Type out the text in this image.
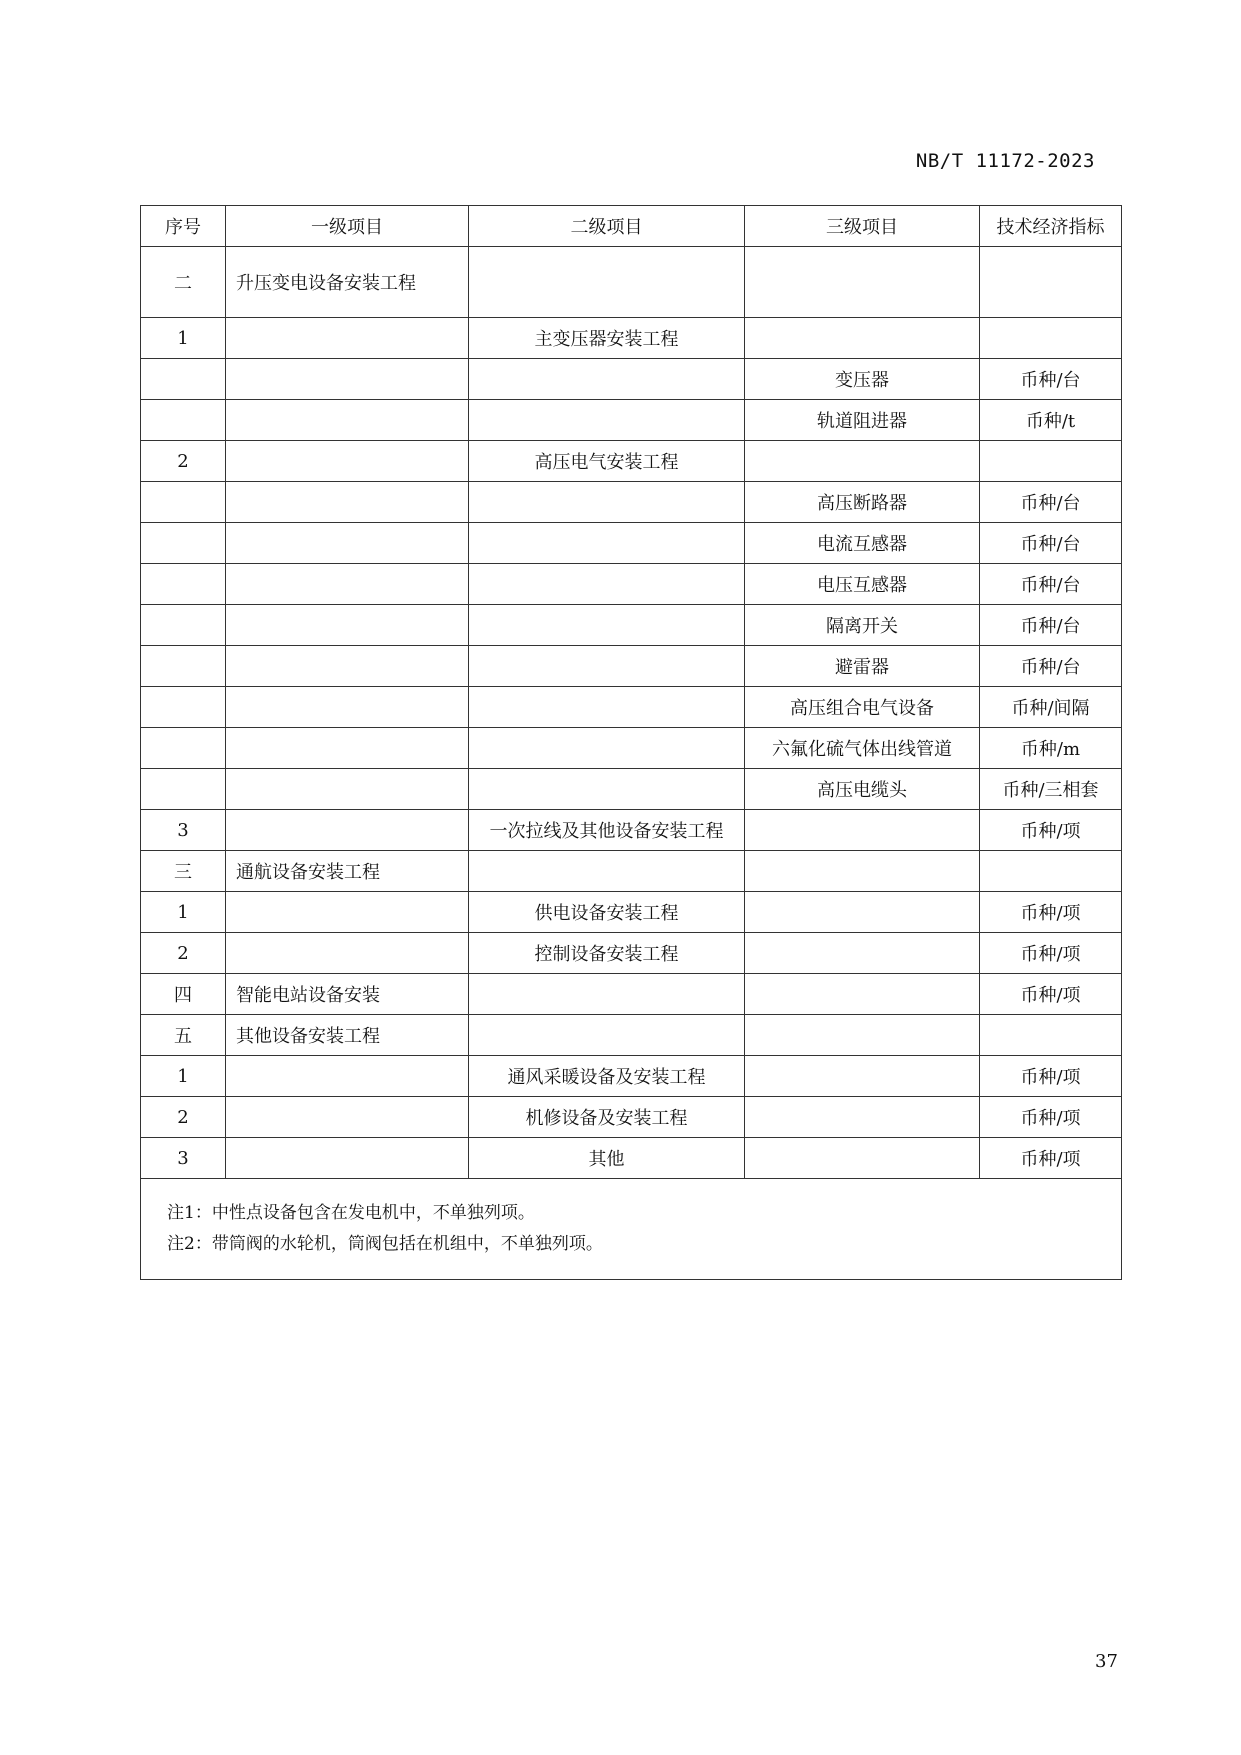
NB/T 11172-2023
序号	一级项目	二级项目	三级项目	技术经济指标
二	升压变电设备安装工程			
1		主变压器安装工程		
			变压器	币种/台
			轨道阻进器	币种/t
2		高压电气安装工程		
			高压断路器	币种/台
			电流互感器	币种/台
			电压互感器	币种/台
			隔离开关	币种/台
			避雷器	币种/台
			高压组合电气设备	币种/间隔
			六氟化硫气体出线管道	币种/m
			高压电缆头	币种/三相套
3		一次拉线及其他设备安装工程		币种/项
三	通航设备安装工程			
1		供电设备安装工程		币种/项
2		控制设备安装工程		币种/项
四	智能电站设备安装			币种/项
五	其他设备安装工程			
1		通风采暖设备及安装工程		币种/项
2		机修设备及安装工程		币种/项
3		其他		币种/项

注1：中性点设备包含在发电机中，不单独列项。
注2：带筒阀的水轮机，筒阀包括在机组中，不单独列项。				
37
